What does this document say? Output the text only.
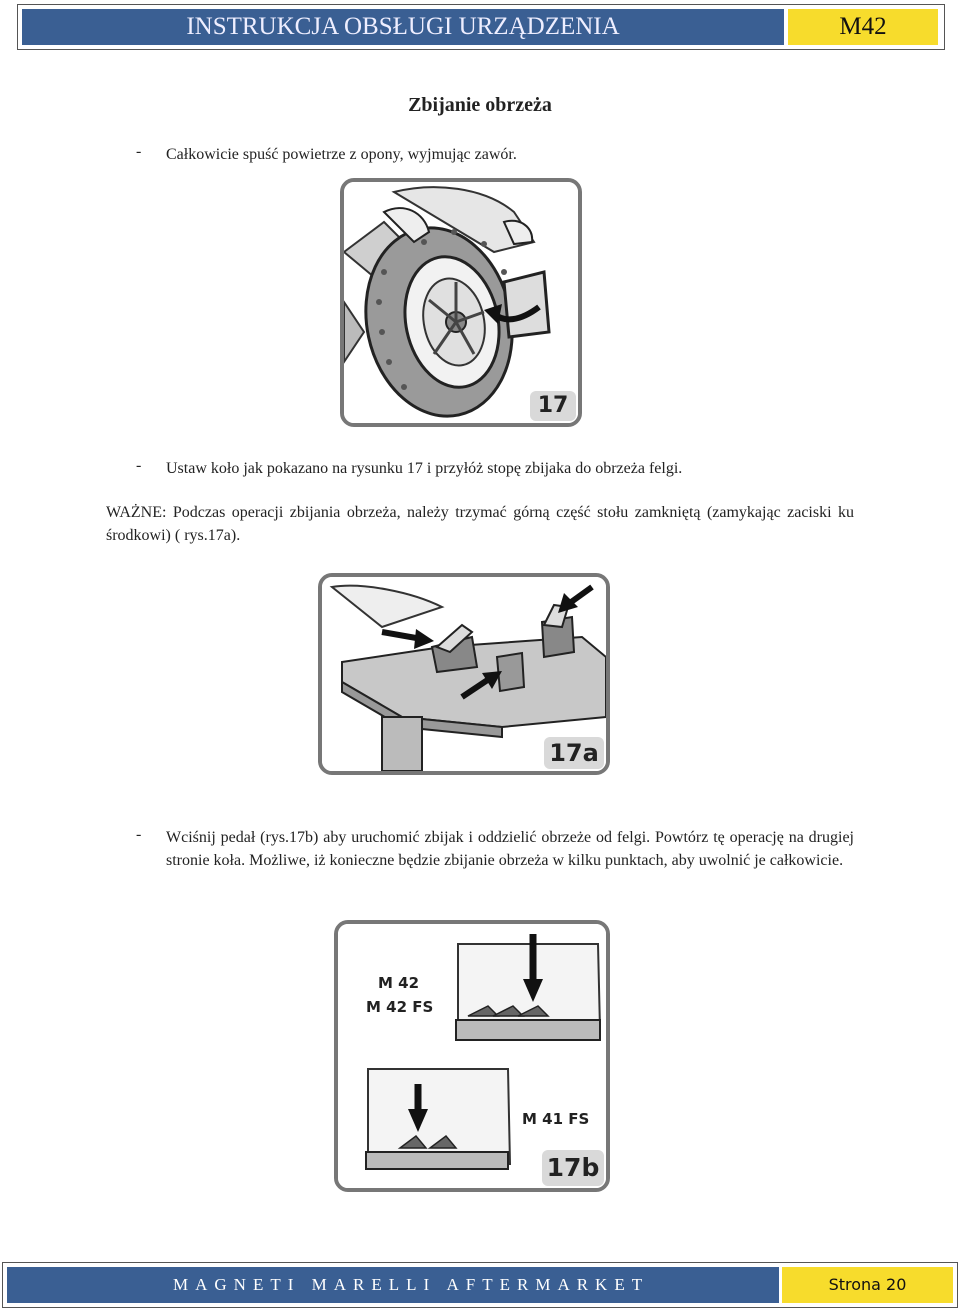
INSTRUKCJA OBSŁUGI URZĄDZENIA	M42
Zbijanie obrzeża
- Całkowicie spuść powietrze z opony, wyjmując zawór.
17
- Ustaw koło jak pokazano na rysunku 17 i przyłóż stopę zbijaka do obrzeża felgi.
WAŻNE: Podczas operacji zbijania obrzeża, należy trzymać górną część stołu zamkniętą (zamykając zaciski ku środkowi) ( rys.17a).
17a
- Wciśnij pedał (rys.17b) aby uruchomić zbijak i oddzielić obrzeże od felgi. Powtórz tę operację na drugiej stronie koła. Możliwe, iż konieczne będzie zbijanie obrzeża w kilku punktach, aby uwolnić je całkowicie.
M 42
M 42 FS
M 41 FS
17b
MAGNETI MARELLI AFTERMARKET	Strona 20
